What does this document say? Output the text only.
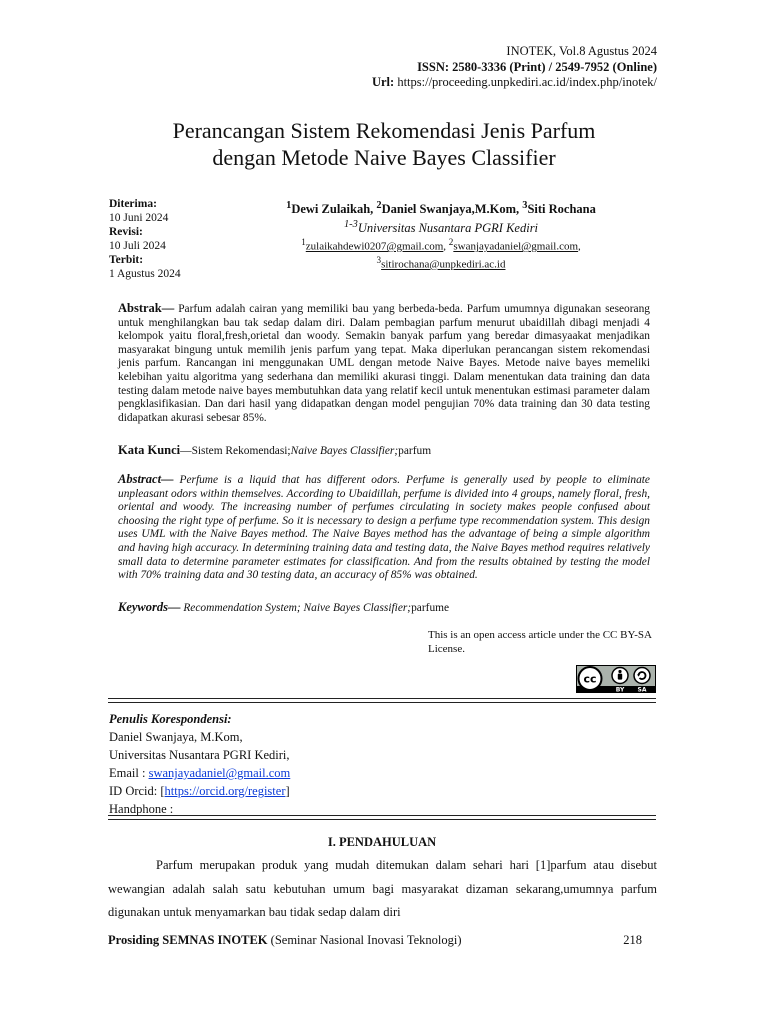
INOTEK, Vol.8 Agustus 2024
ISSN: 2580-3336 (Print) / 2549-7952 (Online)
Url: https://proceeding.unpkediri.ac.id/index.php/inotek/
Perancangan Sistem Rekomendasi Jenis Parfum
dengan Metode Naive Bayes Classifier
Diterima:
10 Juni 2024
Revisi:
10 Juli 2024
Terbit:
1 Agustus 2024
$^1$Dewi Zulaikah, $^2$Daniel Swanjaya,M.Kom, $^3$Siti Rochana
$^{1-3}$Universitas Nusantara PGRI Kediri
$^1$zulaikahdewi0207@gmail.com, $^2$swanjayadaniel@gmail.com,
$^3$sitirochana@unpkediri.ac.id
Abstrak— Parfum adalah cairan yang memiliki bau yang berbeda-beda. Parfum umumnya digunakan seseorang untuk menghilangkan bau tak sedap dalam diri. Dalam pembagian parfum menurut ubaidillah dibagi menjadi 4 kelompok yaitu floral,fresh,orietal dan woody. Semakin banyak parfum yang beredar dimasyaakat menjadikan masyarakat bingung untuk memilih jenis parfum yang tepat. Maka diperlukan perancangan sistem rekomendasi jenis parfum. Rancangan ini menggunakan UML dengan metode Naive Bayes. Metode naive bayes memeliki kelebihan yaitu algoritma yang sederhana dan memiliki akurasi tinggi. Dalam menentukan data training dan data testing dalam metode naive bayes membutuhkan data yang relatif kecil untuk menentukan estimasi parameter dalam pengklasifikasian. Dan dari hasil yang didapatkan dengan model pengujian 70% data training dan 30 data testing didapatkan akurasi sebesar 85%.
Kata Kunci—Sistem Rekomendasi;Naive Bayes Classifier;parfum
Abstract— Perfume is a liquid that has different odors. Perfume is generally used by people to eliminate unpleasant odors within themselves. According to Ubaidillah, perfume is divided into 4 groups, namely floral, fresh, oriental and woody. The increasing number of perfumes circulating in society makes people confused about choosing the right type of perfume. So it is necessary to design a perfume type recommendation system. This design uses UML with the Naive Bayes method. The Naive Bayes method has the advantage of being a simple algorithm and having high accuracy. In determining training data and testing data, the Naive Bayes method requires relatively small data to determine parameter estimates for classification. And from the results obtained by testing the model with 70% training data and 30 testing data, an accuracy of 85% was obtained.
Keywords— Recommendation System; Naive Bayes Classifier;parfume
This is an open access article under the CC BY-SA License.
cc
BY SA
Penulis Korespondensi:
Daniel Swanjaya, M.Kom,
Universitas Nusantara PGRI Kediri,
Email : swanjayadaniel@gmail.com
ID Orcid: [https://orcid.org/register]
Handphone :
I. PENDAHULUAN
Parfum merupakan produk yang mudah ditemukan dalam sehari hari [1]parfum atau disebut wewangian adalah salah satu kebutuhan umum bagi masyarakat dizaman sekarang,umumnya parfum digunakan untuk menyamarkan bau tidak sedap dalam diri
Prosiding SEMNAS INOTEK (Seminar Nasional Inovasi Teknologi)	218
